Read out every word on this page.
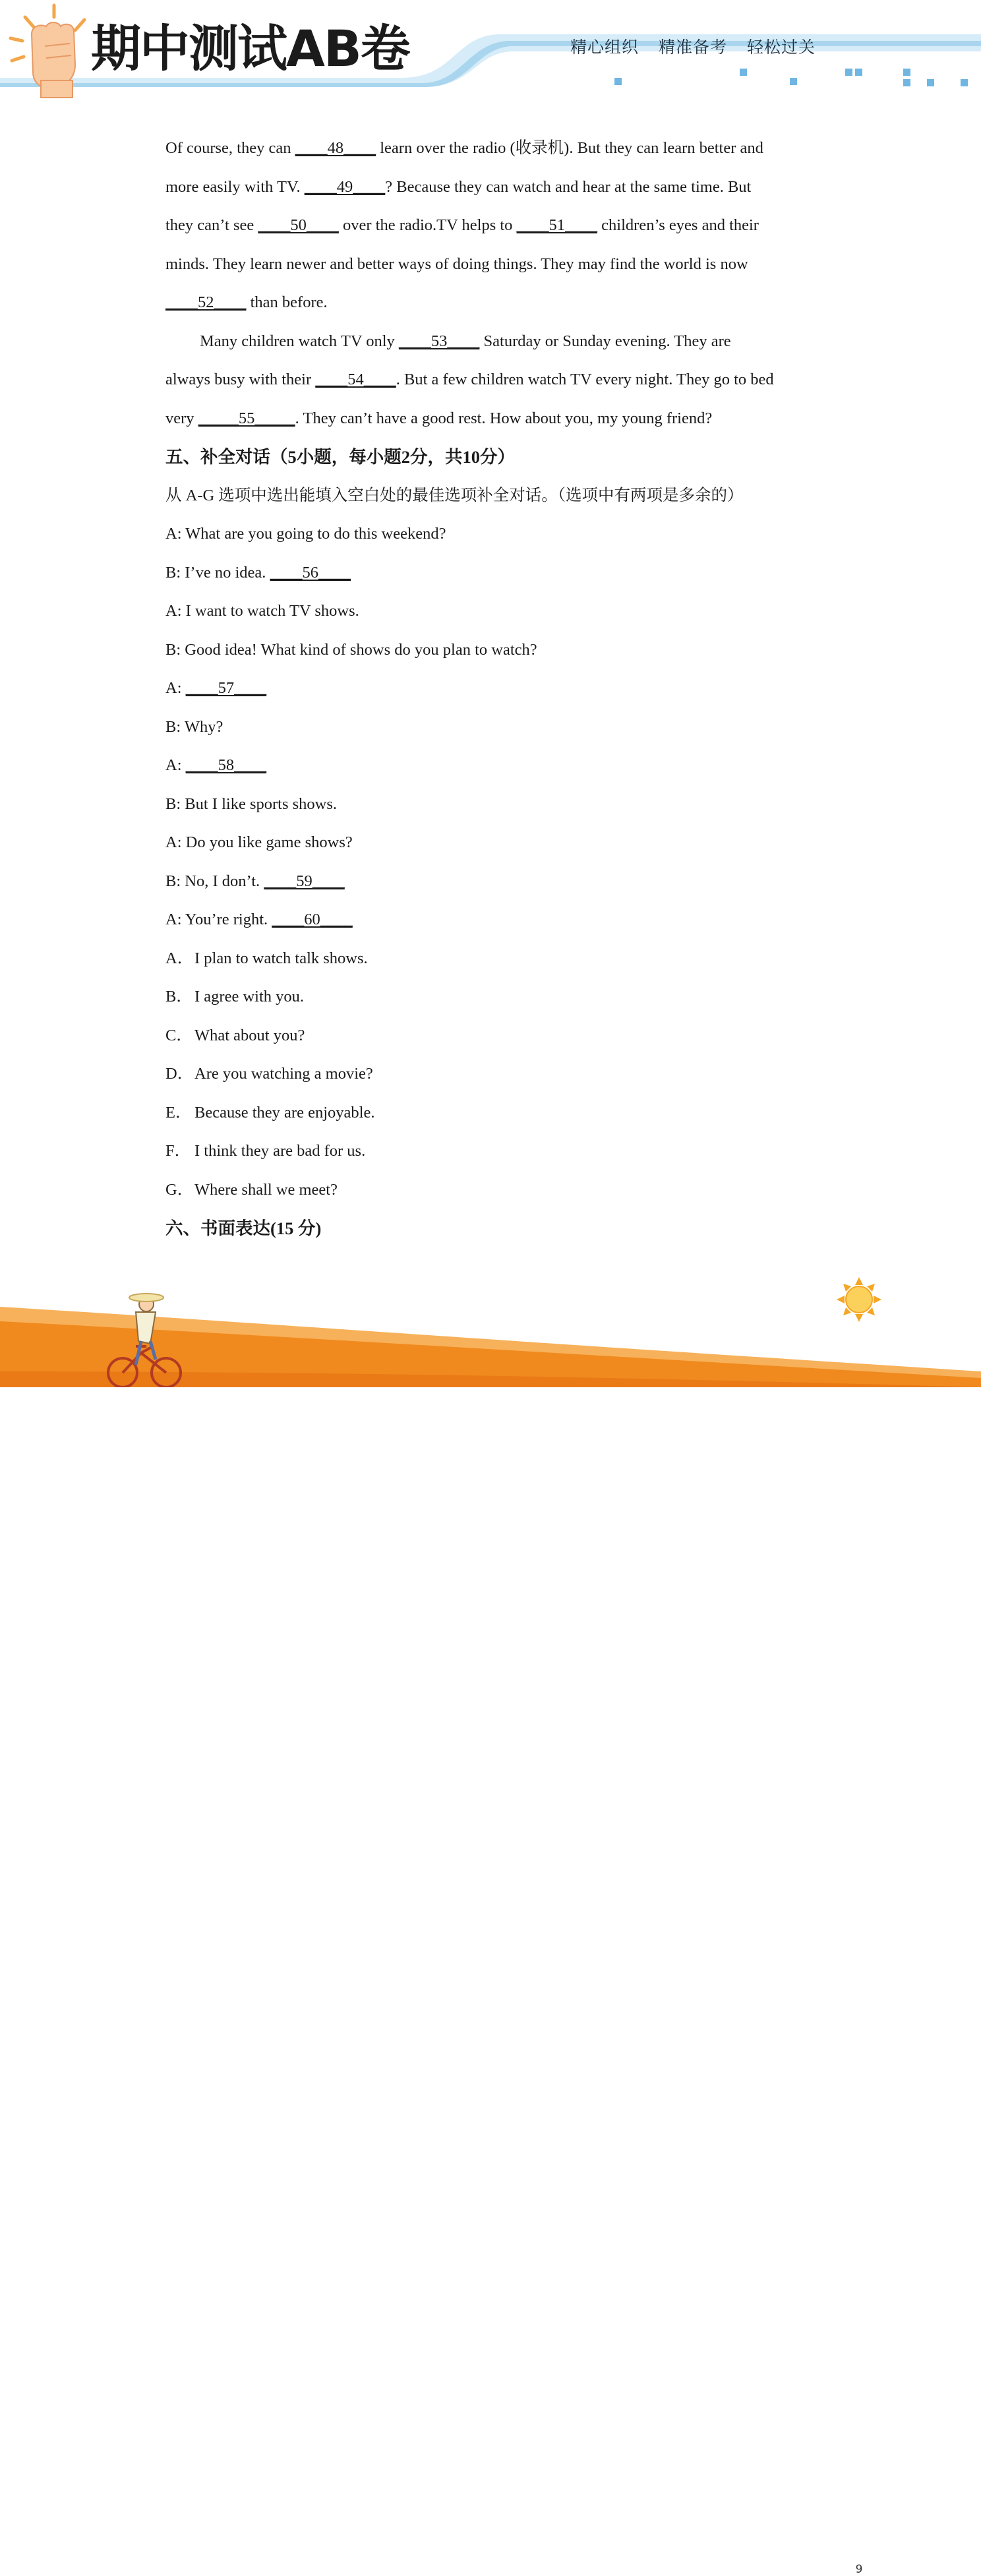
期中测试AB卷	精心组织 精准备考 轻松过关
Of course, they can ____48____ learn over the radio (收录机). But they can learn better and
more easily with TV. ____49____? Because they can watch and hear at the same time. But
they can’t see ____50____ over the radio.TV helps to ____51____ children’s eyes and their
minds. They learn newer and better ways of doing things. They may find the world is now
____52____ than before.
Many children watch TV only ____53____ Saturday or Sunday evening. They are
always busy with their ____54____. But a few children watch TV every night. They go to bed
very _____55_____. They can’t have a good rest. How about you, my young friend?
五、补全对话（5小题，每小题2分，共10分）
从 A-G 选项中选出能填入空白处的最佳选项补全对话。（选项中有两项是多余的）
A: What are you going to do this weekend?
B: I’ve no idea. ____56____
A: I want to watch TV shows.
B: Good idea! What kind of shows do you plan to watch?
A: ____57____
B: Why?
A: ____58____
B: But I like sports shows.
A: Do you like game shows?
B: No, I don’t. ____59____
A: You’re right. ____60____
A．I plan to watch talk shows.
B． I agree with you.
C． What about you?
D．Are you watching a movie?
E． Because they are enjoyable.
F． I think they are bad for us.
G．Where shall we meet?
六、书面表达(15 分)
9
